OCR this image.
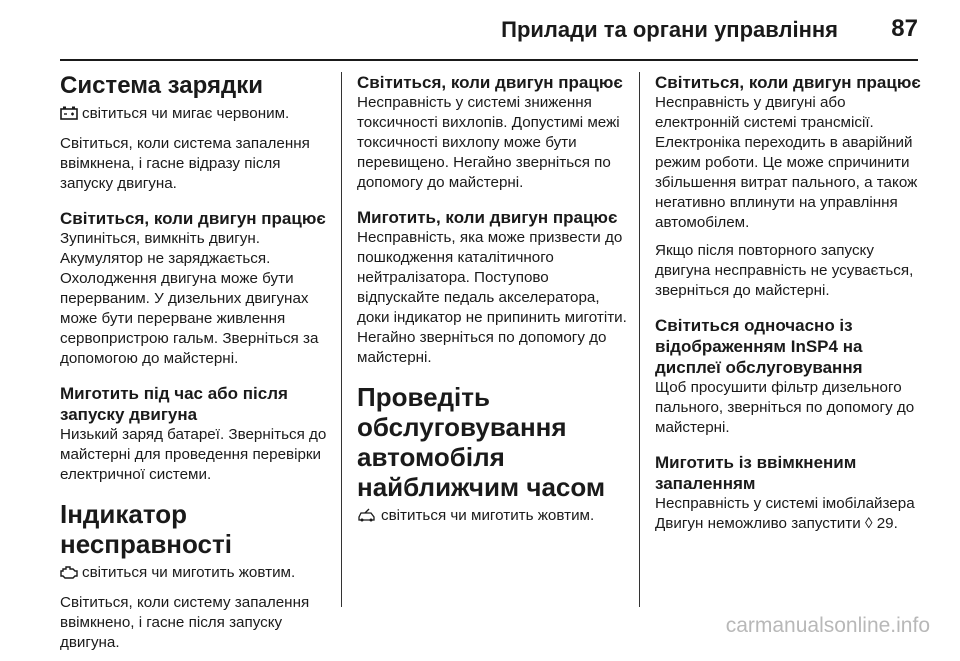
Прилади та органи управління 87
Система зарядки

світиться чи мигає червоним.

Світиться, коли система запалення ввімкнена, і гасне відразу після запуску двигуна.

Світиться, коли двигун працює

Зупиніться, вимкніть двигун. Акумулятор не заряджається. Охолодження двигуна може бути перерваним. У дизельних двигунах може бути перерване живлення сервопристрою гальм. Зверніться за допомогою до майстерні.

Миготить під час або після запуску двигуна

Низький заряд батареї. Зверніться до майстерні для проведення перевірки електричної системи.

Індикатор несправності

світиться чи миготить жовтим.

Світиться, коли систему запалення ввімкнено, і гасне після запуску двигуна.

Світиться, коли двигун працює

Несправність у системі зниження токсичності вихлопів. Допустимі межі токсичності вихлопу може бути перевищено. Негайно зверніться по допомогу до майстерні.

Миготить, коли двигун працює

Несправність, яка може призвести до пошкодження каталітичного нейтралізатора. Поступово відпускайте педаль акселератора, доки індикатор не припинить миготіти. Негайно зверніться по допомогу до майстерні.

Проведіть обслуговування автомобіля найближчим часом

світиться чи миготить жовтим.

Світиться, коли двигун працює

Несправність у двигуні або електронній системі трансмісії. Електроніка переходить в аварійний режим роботи. Це може спричинити збільшення витрат пального, а також негативно вплинути на управління автомобілем.

Якщо після повторного запуску двигуна несправність не усувається, зверніться до майстерні.

Світиться одночасно із відображенням InSP4 на дисплеї обслуговування

Щоб просушити фільтр дизельного пального, зверніться по допомогу до майстерні.

Миготить із ввімкненим запаленням

Несправність у системі імобілайзера Двигун неможливо запустити ◊ 29.

carmanualsonline.info
